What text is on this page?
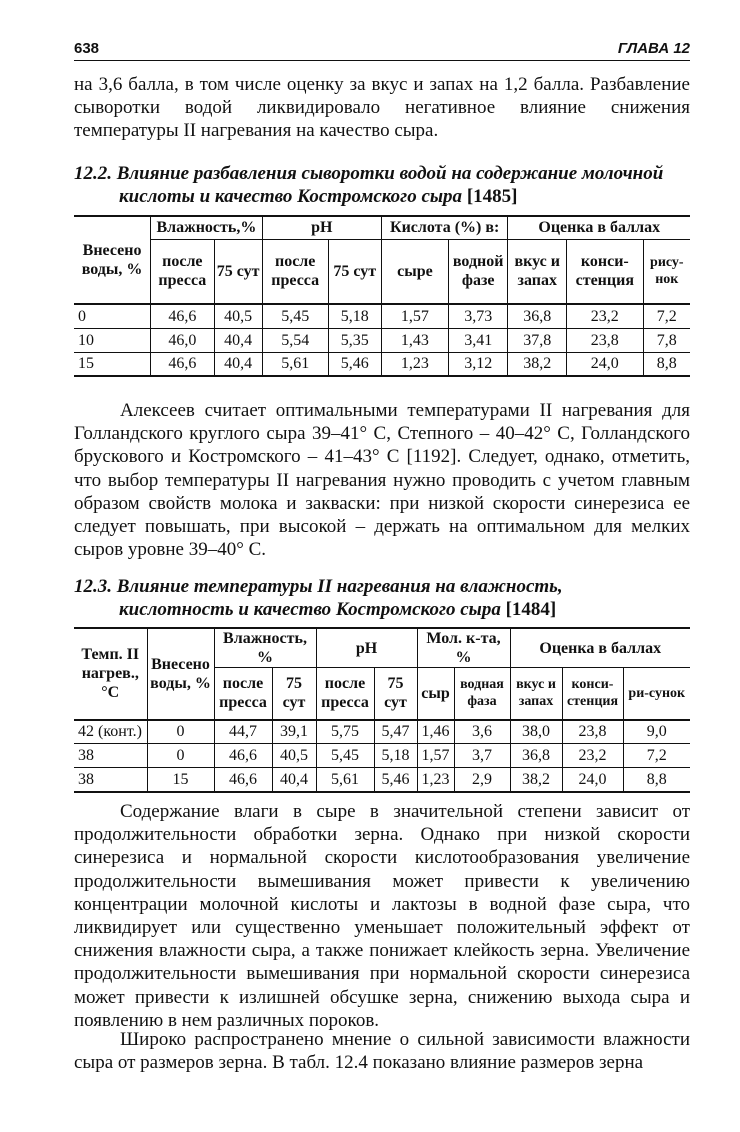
638	ГЛАВА 12

на 3,6 балла, в том числе оценку за вкус и запах на 1,2 балла. Разбавление сыворотки водой ликвидировало негативное влияние снижения температуры II нагревания на качество сыра.

12.2. Влияние разбавления сыворотки водой на содержание молочной
кислоты и качество Костромского сыра [1485]
Внесено воды, %	Влажность,%		pH		Кислота (%) в:		Оценка в баллах		
	после пресса	75 сут	после пресса	75 сут	сыре	водной фазе	вкус и запах	конси-стенция	рису-нок
0	46,6	40,5	5,45	5,18	1,57	3,73	36,8	23,2	7,2
10	46,0	40,4	5,54	5,35	1,43	3,41	37,8	23,8	7,8
15	46,6	40,4	5,61	5,46	1,23	3,12	38,2	24,0	8,8

Алексеев считает оптимальными температурами II нагревания для Голландского круглого сыра 39–41° С, Степного – 40–42° С, Голландского брускового и Костромского – 41–43° С [1192]. Следует, однако, отметить, что выбор температуры II нагревания нужно проводить с учетом главным образом свойств молока и закваски: при низкой скорости синерезиса ее следует повышать, при высокой – держать на оптимальном для мелких сыров уровне 39–40° С.

12.3. Влияние температуры II нагревания на влажность,
кислотность и качество Костромского сыра [1484]
Темп. II нагрев., °С	Внесено воды, %	Влажность, %		pH		Мол. к-та, %		Оценка в баллах		
		после пресса	75 сут	после пресса	75 сут	сыр	водная фаза	вкус и запах	конси-стенция	ри-сунок
42 (конт.)	0	44,7	39,1	5,75	5,47	1,46	3,6	38,0	23,8	9,0
38	0	46,6	40,5	5,45	5,18	1,57	3,7	36,8	23,2	7,2
38	15	46,6	40,4	5,61	5,46	1,23	2,9	38,2	24,0	8,8

Содержание влаги в сыре в значительной степени зависит от продолжительности обработки зерна. Однако при низкой скорости синерезиса и нормальной скорости кислотообразования увеличение продолжительности вымешивания может привести к увеличению концентрации молочной кислоты и лактозы в водной фазе сыра, что ликвидирует или существенно уменьшает положительный эффект от снижения влажности сыра, а также понижает клейкость зерна. Увеличение продолжительности вымешивания при нормальной скорости синерезиса может привести к излишней обсушке зерна, снижению выхода сыра и появлению в нем различных пороков.

Широко распространено мнение о сильной зависимости влажности сыра от размеров зерна. В табл. 12.4 показано влияние размеров зерна
